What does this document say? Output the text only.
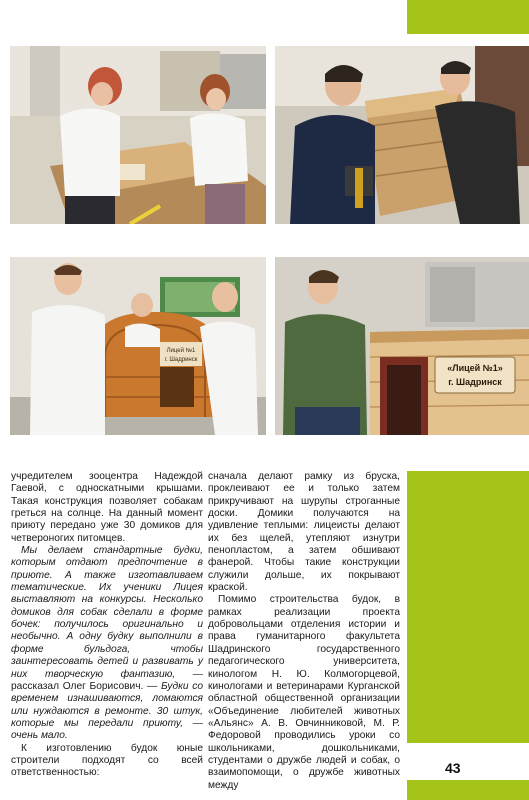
Лицей №1
г. Шадринск
«Лицей №1»
г. Шадринск

учредителем зооцентра Надеждой Гаевой, с односкатными крышами. Такая конструкция позволяет собакам греться на солнце. На данный момент приюту передано уже 30 домиков для четвероногих питомцев.

Мы делаем стандартные будки, которым отдают предпочтение в приюте. А также изготавливаем тематические. Их ученики Лицея выставляют на конкурсы. Несколько домиков для собак сделали в форме бочек: получилось оригинально и необычно. А одну будку выполнили в форме бульдога, чтобы заинтересовать детей и развивать у них творческую фантазию, — рассказал Олег Борисович. — Будки со временем изнашиваются, ломаются или нуждаются в ремонте. 30 штук, которые мы передали приюту, — очень мало.

К изготовлению будок юные строители подходят со всей ответственностью:

сначала делают рамку из бруска, проклеивают ее и только затем прикручивают на шурупы строганные доски. Домики получаются на удивление теплыми: лицеисты делают их без щелей, утепляют изнутри пенопластом, а затем обшивают фанерой. Чтобы такие конструкции служили дольше, их покрывают краской.

Помимо строительства будок, в рамках реализации проекта добровольцами отделения истории и права гуманитарного факультета Шадринского государственного педагогического университета, кинологом Н. Ю. Колмогорцевой, кинологами и ветеринарами Курганской областной общественной организации «Объединение любителей животных «Альянс» А. В. Овчинниковой, М. Р. Федоровой проводились уроки со школьниками, дошкольниками, студентами о дружбе людей и собак, о взаимопомощи, о дружбе животных между

43
